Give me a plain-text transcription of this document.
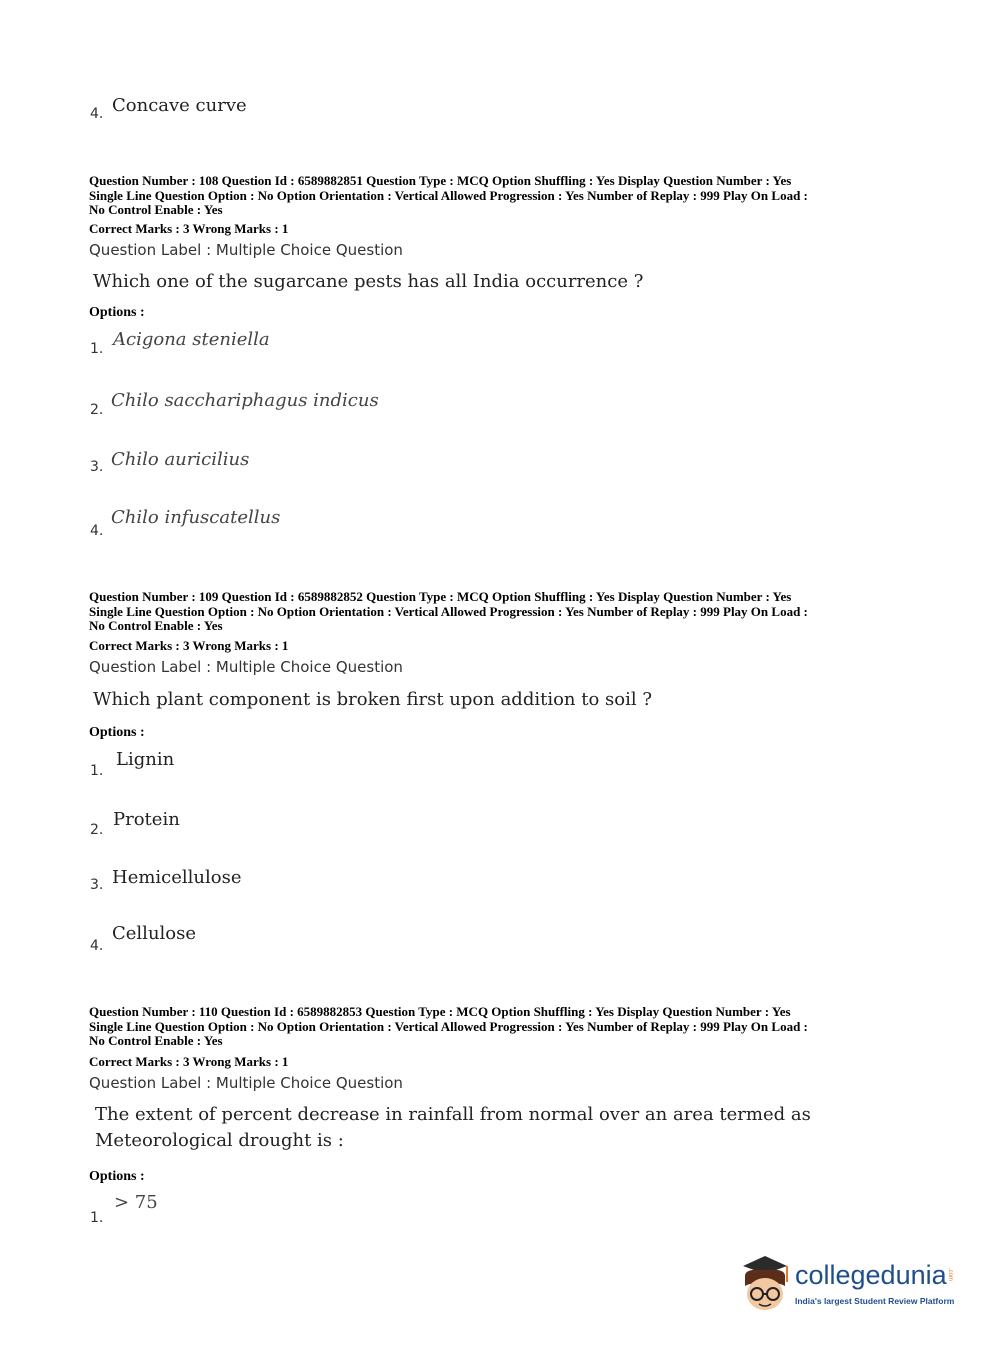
4. Concave curve
Question Number : 108 Question Id : 6589882851 Question Type : MCQ Option Shuffling : Yes Display Question Number : Yes
Single Line Question Option : No Option Orientation : Vertical Allowed Progression : Yes Number of Replay : 999 Play On Load :
No Control Enable : Yes
Correct Marks : 3 Wrong Marks : 1
Question Label : Multiple Choice Question
Which one of the sugarcane pests has all India occurrence ?
Options :
1. Acigona steniella
2. Chilo sacchariphagus indicus
3. Chilo auricilius
4.
Chilo infuscatellus
Question Number : 109 Question Id : 6589882852 Question Type : MCQ Option Shuffling : Yes Display Question Number : Yes
Single Line Question Option : No Option Orientation : Vertical Allowed Progression : Yes Number of Replay : 999 Play On Load :
No Control Enable : Yes
Correct Marks : 3 Wrong Marks : 1
Question Label : Multiple Choice Question
Which plant component is broken first upon addition to soil ?
Options :
1.
Lignin
2. Protein
3. Hemicellulose
4.
Cellulose
Question Number : 110 Question Id : 6589882853 Question Type : MCQ Option Shuffling : Yes Display Question Number : Yes
Single Line Question Option : No Option Orientation : Vertical Allowed Progression : Yes Number of Replay : 999 Play On Load :
No Control Enable : Yes
Correct Marks : 3 Wrong Marks : 1
Question Label : Multiple Choice Question
The extent of percent decrease in rainfall from normal over an area termed as
Meteorological drought is :
Options :
1.
> 75
collegedunia .com
India's largest Student Review Platform
